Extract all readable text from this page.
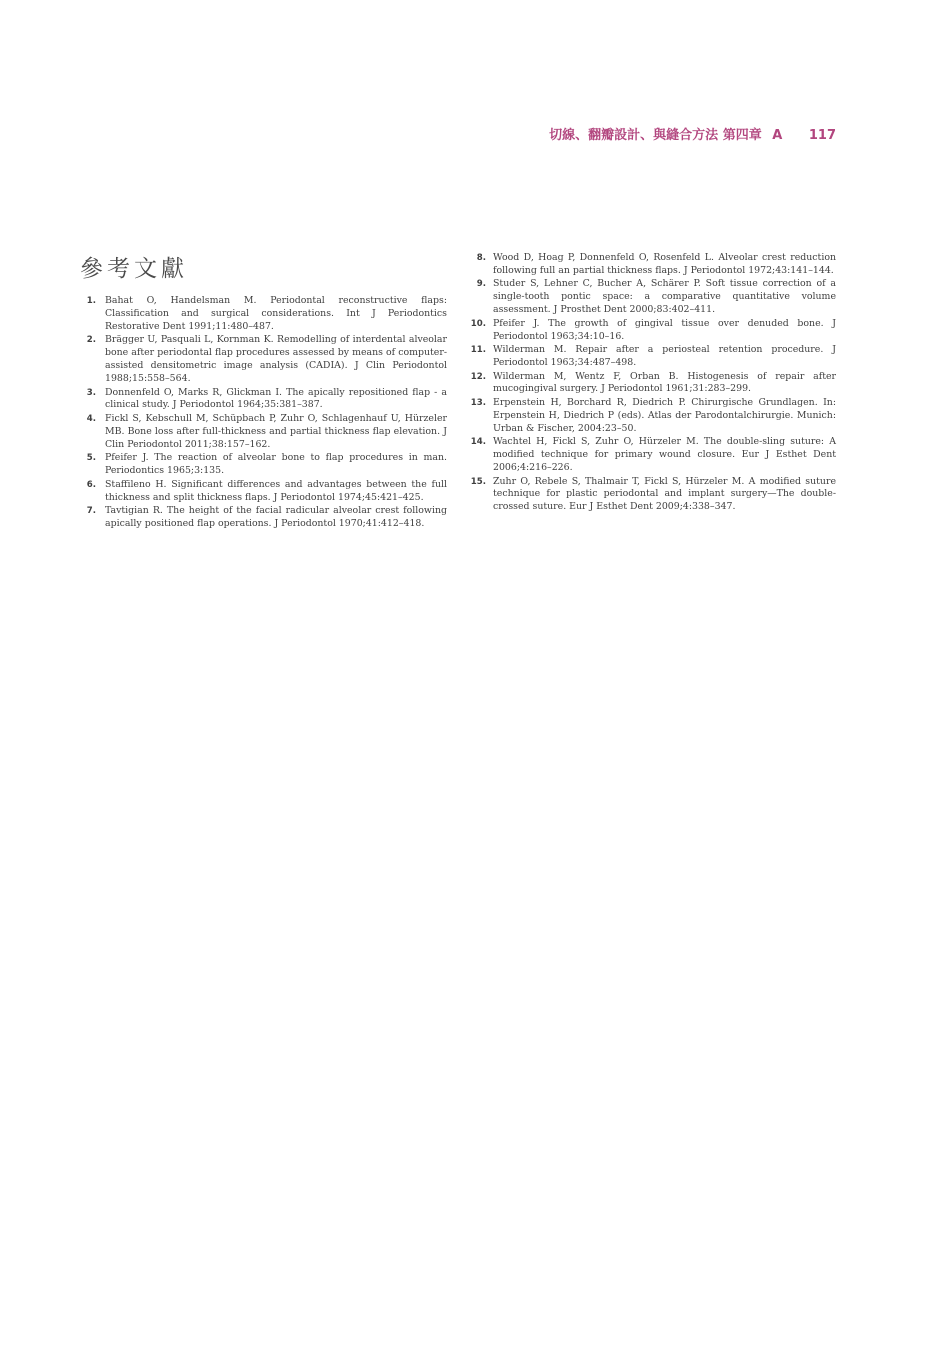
切線、翻瓣設計、與縫合方法 第四章 A 117
參考文獻
1. Bahat O, Handelsman M. Periodontal reconstructive flaps: Classification and surgical considerations. Int J Periodontics Restorative Dent 1991;11:480–487.
2. Brägger U, Pasquali L, Kornman K. Remodelling of interdental alveolar bone after periodontal flap procedures assessed by means of computer-assisted densitometric image analysis (CADIA). J Clin Periodontol 1988;15:558–564.
3. Donnenfeld O, Marks R, Glickman I. The apically repositioned flap - a clinical study. J Periodontol 1964;35:381–387.
4. Fickl S, Kebschull M, Schüpbach P, Zuhr O, Schlagenhauf U, Hürzeler MB. Bone loss after full-thickness and partial thickness flap elevation. J Clin Periodontol 2011;38:157–162.
5. Pfeifer J. The reaction of alveolar bone to flap procedures in man. Periodontics 1965;3:135.
6. Staffileno H. Significant differences and advantages between the full thickness and split thickness flaps. J Periodontol 1974;45:421–425.
7. Tavtigian R. The height of the facial radicular alveolar crest following apically positioned flap operations. J Periodontol 1970;41:412–418.
8. Wood D, Hoag P, Donnenfeld O, Rosenfeld L. Alveolar crest reduction following full an partial thickness flaps. J Periodontol 1972;43:141–144.
9. Studer S, Lehner C, Bucher A, Schärer P. Soft tissue correction of a single-tooth pontic space: a comparative quantitative volume assessment. J Prosthet Dent 2000;83:402–411.
10. Pfeifer J. The growth of gingival tissue over denuded bone. J Periodontol 1963;34:10–16.
11. Wilderman M. Repair after a periosteal retention procedure. J Periodontol 1963;34:487–498.
12. Wilderman M, Wentz F, Orban B. Histogenesis of repair after mucogingival surgery. J Periodontol 1961;31:283–299.
13. Erpenstein H, Borchard R, Diedrich P. Chirurgische Grundlagen. In: Erpenstein H, Diedrich P (eds). Atlas der Parodontalchirurgie. Munich: Urban & Fischer, 2004:23–50.
14. Wachtel H, Fickl S, Zuhr O, Hürzeler M. The double-sling suture: A modified technique for primary wound closure. Eur J Esthet Dent 2006;4:216–226.
15. Zuhr O, Rebele S, Thalmair T, Fickl S, Hürzeler M. A modified suture technique for plastic periodontal and implant surgery—The double-crossed suture. Eur J Esthet Dent 2009;4:338–347.
